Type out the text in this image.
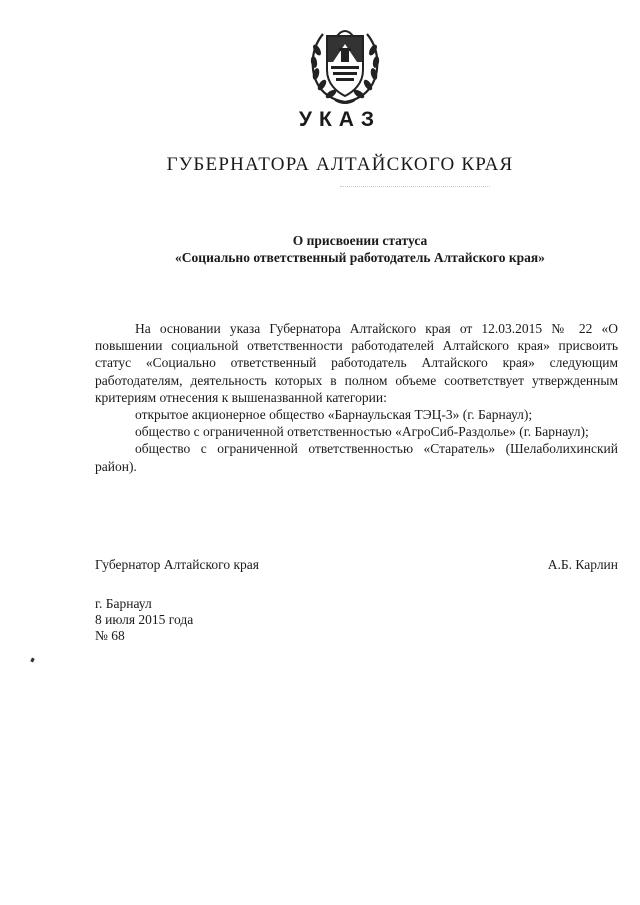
УКАЗ
ГУБЕРНАТОРА АЛТАЙСКОГО КРАЯ
О присвоении статуса
«Социально ответственный работодатель Алтайского края»

На основании указа Губернатора Алтайского края от 12.03.2015 № 22 «О повышении социальной ответственности работодателей Алтайского края» присвоить статус «Социально ответственный работодатель Алтайского края» следующим работодателям, деятельность которых в полном объеме соответствует утвержденным критериям отнесения к вышеназванной категории:

открытое акционерное общество «Барнаульская ТЭЦ-3» (г. Барнаул);

общество с ограниченной ответственностью «АгроСиб-Раздолье» (г. Барнаул);

общество с ограниченной ответственностью «Старатель» (Шелаболихинский район).

Губернатор Алтайского края	А.Б. Карлин
г. Барнаул
8 июля 2015 года
№ 68
